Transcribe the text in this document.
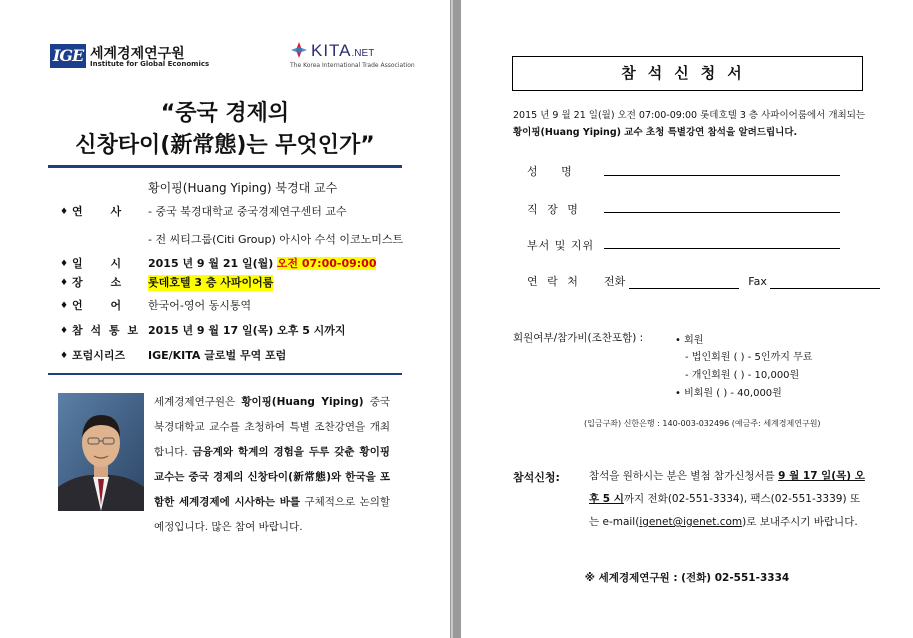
IGE 세계경제연구원
Institute for Global Economics
KITA.NET
The Korea International Trade Association
“중국 경제의
신창타이(新常態)는 무엇인가”
황이핑(Huang Yiping) 북경대 교수
♦ 연 사	- 중국 북경대학교 중국경제연구센터 교수
- 전 씨티그룹(Citi Group) 아시아 수석 이코노미스트
♦ 일 시	2015 년 9 월 21 일(월) 오전 07:00-09:00
♦ 장 소	롯데호텔 3 층 사파이어룸
♦ 언 어	한국어-영어 동시통역
♦ 참 석 통 보 2015 년 9 월 17 일(목) 오후 5 시까지
♦ 포럼시리즈	IGE/KITA 글로벌 무역 포럼
세계경제연구원은 황이핑(Huang Yiping) 중국 북경대학교 교수를 초청하여 특별 조찬강연을 개최합니다. 금융계와 학계의 경험을 두루 갖춘 황이핑 교수는 중국 경제의 신창타이(新常態)와 한국을 포함한 세계경제에 시사하는 바를 구체적으로 논의할 예정입니다. 많은 참여 바랍니다.
참석신청서
2015 년 9 월 21 일(월) 오전 07:00-09:00 롯데호텔 3 층 사파이어룸에서 개최되는
황이핑(Huang Yiping) 교수 초청 특별강연 참석을 알려드립니다.
성 명
직 장 명
부서 및 지위
연 락 처 전화	Fax
회원여부/참가비(조찬포함) :	• 회원
- 법인회원 ( ) - 5인까지 무료
- 개인회원 ( ) - 10,000원
• 비회원 ( ) - 40,000원
(입금구좌) 신한은행 : 140-003-032496 (예금주: 세계경제연구원)
참석신청:	참석을 원하시는 분은 별첨 참가신청서를 9 월 17 일(목) 오후 5 시까지 전화(02-551-3334), 팩스(02-551-3339) 또는 e-mail(igenet@igenet.com)로 보내주시기 바랍니다.
※ 세계경제연구원 : (전화) 02-551-3334
